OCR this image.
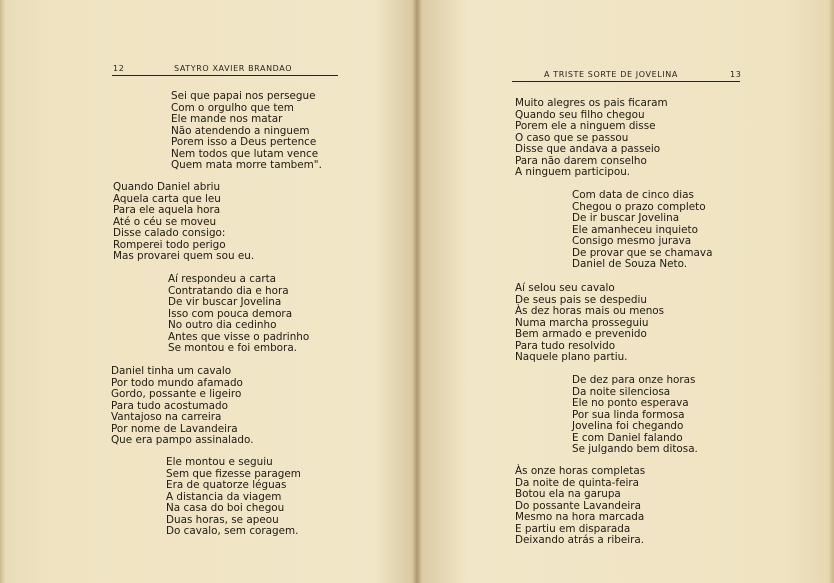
12	SATYRO XAVIER BRANDAO
Sei que papai nos persegue
Com o orgulho que tem
Ele mande nos matar
Não atendendo a ninguem
Porem isso a Deus pertence
Nem todos que lutam vence
Quem mata morre tambem".
Quando Daniel abriu
Aquela carta que leu
Para ele aquela hora
Até o céu se moveu
Disse calado consigo:
Romperei todo perigo
Mas provarei quem sou eu.
Aí respondeu a carta
Contratando dia e hora
De vir buscar Jovelina
Isso com pouca demora
No outro dia cedinho
Antes que visse o padrinho
Se montou e foi embora.
Daniel tinha um cavalo
Por todo mundo afamado
Gordo, possante e ligeiro
Para tudo acostumado
Vantajoso na carreira
Por nome de Lavandeira
Que era pampo assinalado.
Ele montou e seguiu
Sem que fizesse paragem
Era de quatorze léguas
A distancia da viagem
Na casa do boi chegou
Duas horas, se apeou
Do cavalo, sem coragem.
A TRISTE SORTE DE JOVELINA	13
Muito alegres os pais ficaram
Quando seu filho chegou
Porem ele a ninguem disse
O caso que se passou
Disse que andava a passeio
Para não darem conselho
A ninguem participou.
Com data de cinco dias
Chegou o prazo completo
De ir buscar Jovelina
Ele amanheceu inquieto
Consigo mesmo jurava
De provar que se chamava
Daniel de Souza Neto.
Aí selou seu cavalo
De seus pais se despediu
Às dez horas mais ou menos
Numa marcha prosseguiu
Bem armado e prevenido
Para tudo resolvido
Naquele plano partiu.
De dez para onze horas
Da noite silenciosa
Ele no ponto esperava
Por sua linda formosa
Jovelina foi chegando
E com Daniel falando
Se julgando bem ditosa.
Às onze horas completas
Da noite de quinta-feira
Botou ela na garupa
Do possante Lavandeira
Mesmo na hora marcada
E partiu em disparada
Deixando atrás a ribeira.
